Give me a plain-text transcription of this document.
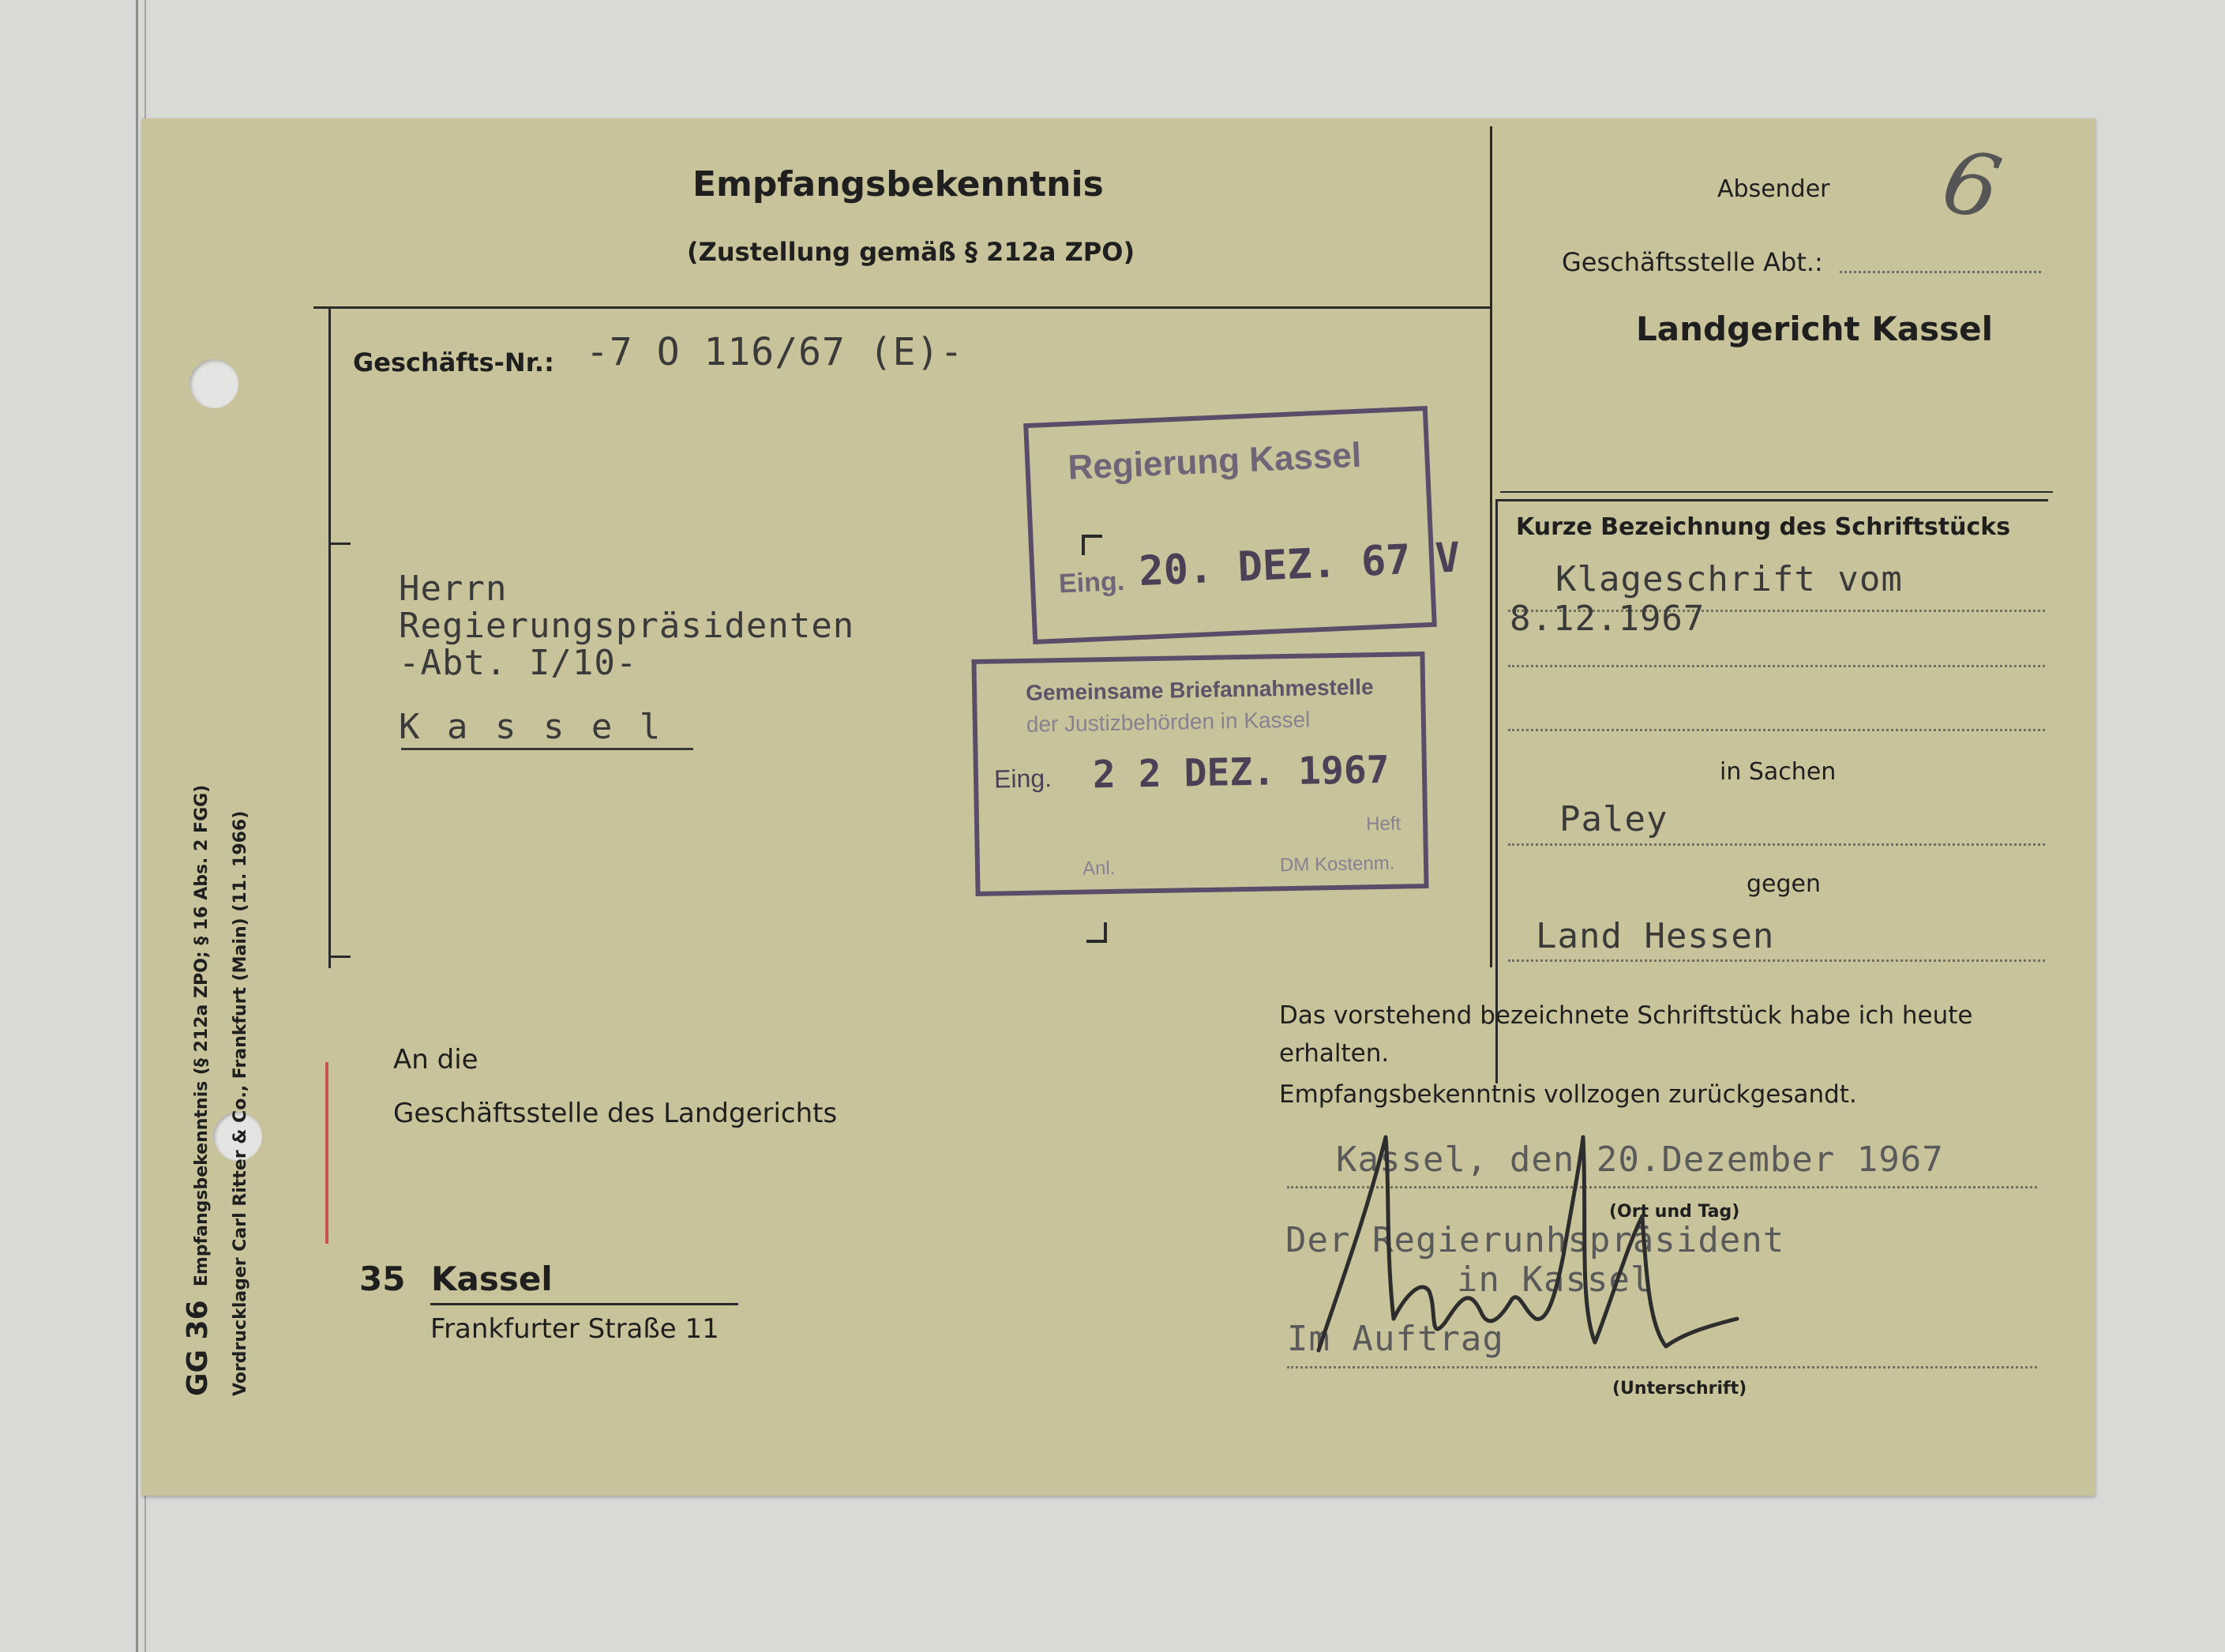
Empfangsbekenntnis
(Zustellung gemäß § 212a ZPO)
6
Absender
Geschäftsstelle Abt.:
Landgericht Kassel
Geschäfts-Nr.: -7 O 116/67 (E)-
Herrn
Regierungspräsidenten
-Abt. I/10-
K a s s e l
Regierung Kassel
Eing. 20. DEZ. 67 V
Gemeinsame Briefannahmestelle
der Justizbehörden in Kassel
Eing. 2 2 DEZ. 1967
Heft
Anl.	DM Kostenm.
Kurze Bezeichnung des Schriftstücks
Klageschrift vom
8.12.1967
in Sachen
Paley
gegen
Land Hessen
An die
Geschäftsstelle des Landgerichts
35 Kassel
Frankfurter Straße 11
Das vorstehend bezeichnete Schriftstück habe ich heute
erhalten.
Empfangsbekenntnis vollzogen zurückgesandt.
Kassel, den 20.Dezember 1967
(Ort und Tag)
Der Regierunhspräsident
in Kassel
Im Auftrag
(Unterschrift)
GG 36 Empfangsbekenntnis (§ 212a ZPO; § 16 Abs. 2 FGG) Vordrucklager Carl Ritter & Co., Frankfurt (Main) (11. 1966)
